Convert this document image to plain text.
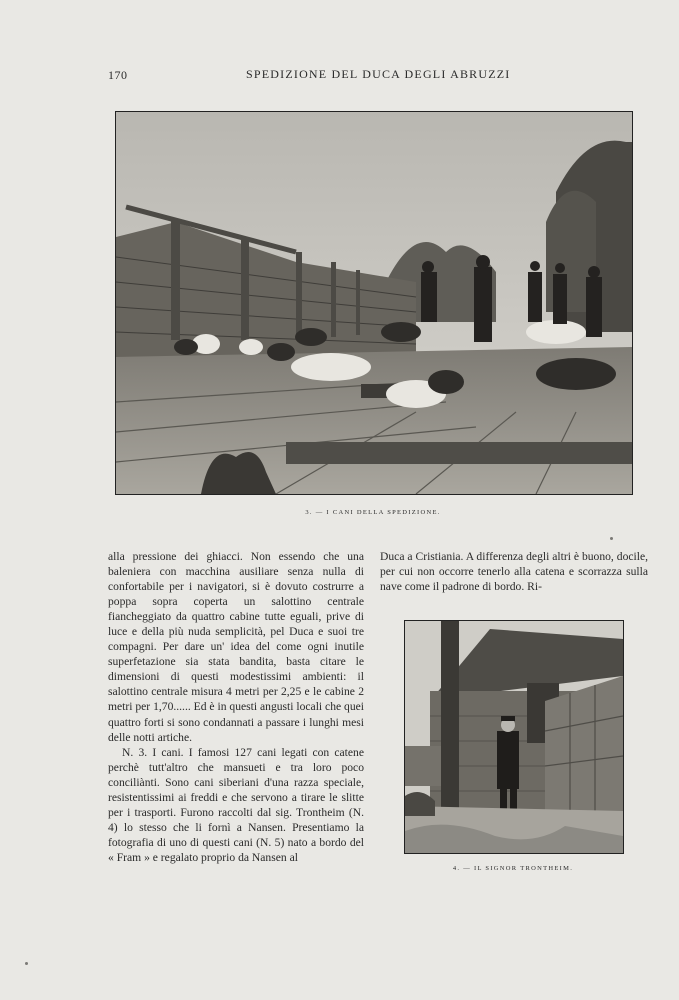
170	SPEDIZIONE DEL DUCA DEGLI ABRUZZI
3. — I CANI DELLA SPEDIZIONE.

alla pressione dei ghiacci. Non essendo che una baleniera con macchina ausiliare senza nulla di confortabile per i navigatori, si è dovuto costrurre a poppa sopra coperta un salottino centrale fiancheggiato da quattro cabine tutte eguali, prive di luce e della più nuda semplicità, pel Duca e suoi tre compagni. Per dare un' idea del come ogni inutile superfetazione sia stata bandita, basta citare le dimensioni di questi modestissimi ambienti: il salottino centrale misura 4 metri per 2,25 e le cabine 2 metri per 1,70...... Ed è in questi angusti locali che quei quattro forti si sono condannati a passare i lunghi mesi delle notti artiche.

N. 3. I cani. I famosi 127 cani legati con catene perchè tutt'altro che mansueti e tra loro poco conciliànti. Sono cani siberiani d'una razza speciale, resistentissimi ai freddi e che servono a tirare le slitte per i trasporti. Furono raccolti dal sig. Trontheim (N. 4) lo stesso che li fornì a Nansen. Presentiamo la fotografia di uno di questi cani (N. 5) nato a bordo del « Fram » e regalato proprio da Nansen al

Duca a Cristiania. A differenza degli altri è buono, docile, per cui non occorre tenerlo alla catena e scorrazza sulla nave come il padrone di bordo. Ri-

4. — IL SIGNOR TRONTHEIM.
